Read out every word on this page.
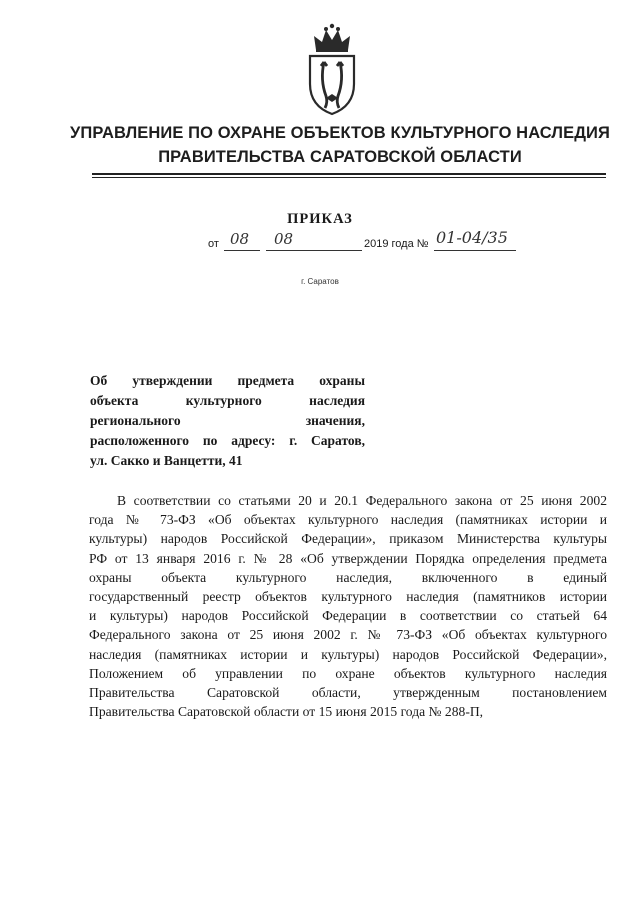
УПРАВЛЕНИЕ ПО ОХРАНЕ ОБЪЕКТОВ КУЛЬТУРНОГО НАСЛЕДИЯ
ПРАВИТЕЛЬСТВА САРАТОВСКОЙ ОБЛАСТИ
ПРИКАЗ
от 08 08	2019 года № 01-04/35
г. Саратов
Об утверждении предмета охраны
объекта культурного наследия
регионального значения,
расположенного по адресу: г. Саратов,
ул. Сакко и Ванцетти, 41
В соответствии со статьями 20 и 20.1 Федерального закона от 25 июня 2002
года № 73-ФЗ «Об объектах культурного наследия (памятниках истории и
культуры) народов Российской Федерации», приказом Министерства культуры
РФ от 13 января 2016 г. № 28 «Об утверждении Порядка определения предмета
охраны объекта культурного наследия, включенного в единый
государственный реестр объектов культурного наследия (памятников истории
и культуры) народов Российской Федерации в соответствии со статьей 64
Федерального закона от 25 июня 2002 г. № 73-ФЗ «Об объектах культурного
наследия (памятниках истории и культуры) народов Российской Федерации»,
Положением об управлении по охране объектов культурного наследия
Правительства Саратовской области, утвержденным постановлением
Правительства Саратовской области от 15 июня 2015 года № 288-П,
